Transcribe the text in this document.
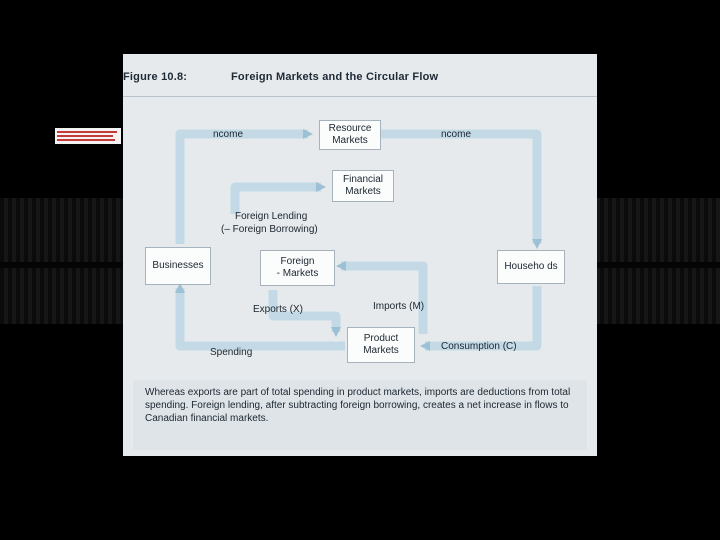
Figure 10.8:	Foreign Markets and the Circular Flow
Resource
Markets
Financial
Markets
Businesses	Foreign
- Markets
Househo ds
Product
Markets
ncome	ncome
Foreign Lending
(– Foreign Borrowing)
Exports (X)	Imports (M)
Spending
Consumption (C)
Whereas exports are part of total spending in product markets, imports are deductions from total spending. Foreign lending, after subtracting foreign borrowing, creates a net increase in flows to Canadian financial markets.
